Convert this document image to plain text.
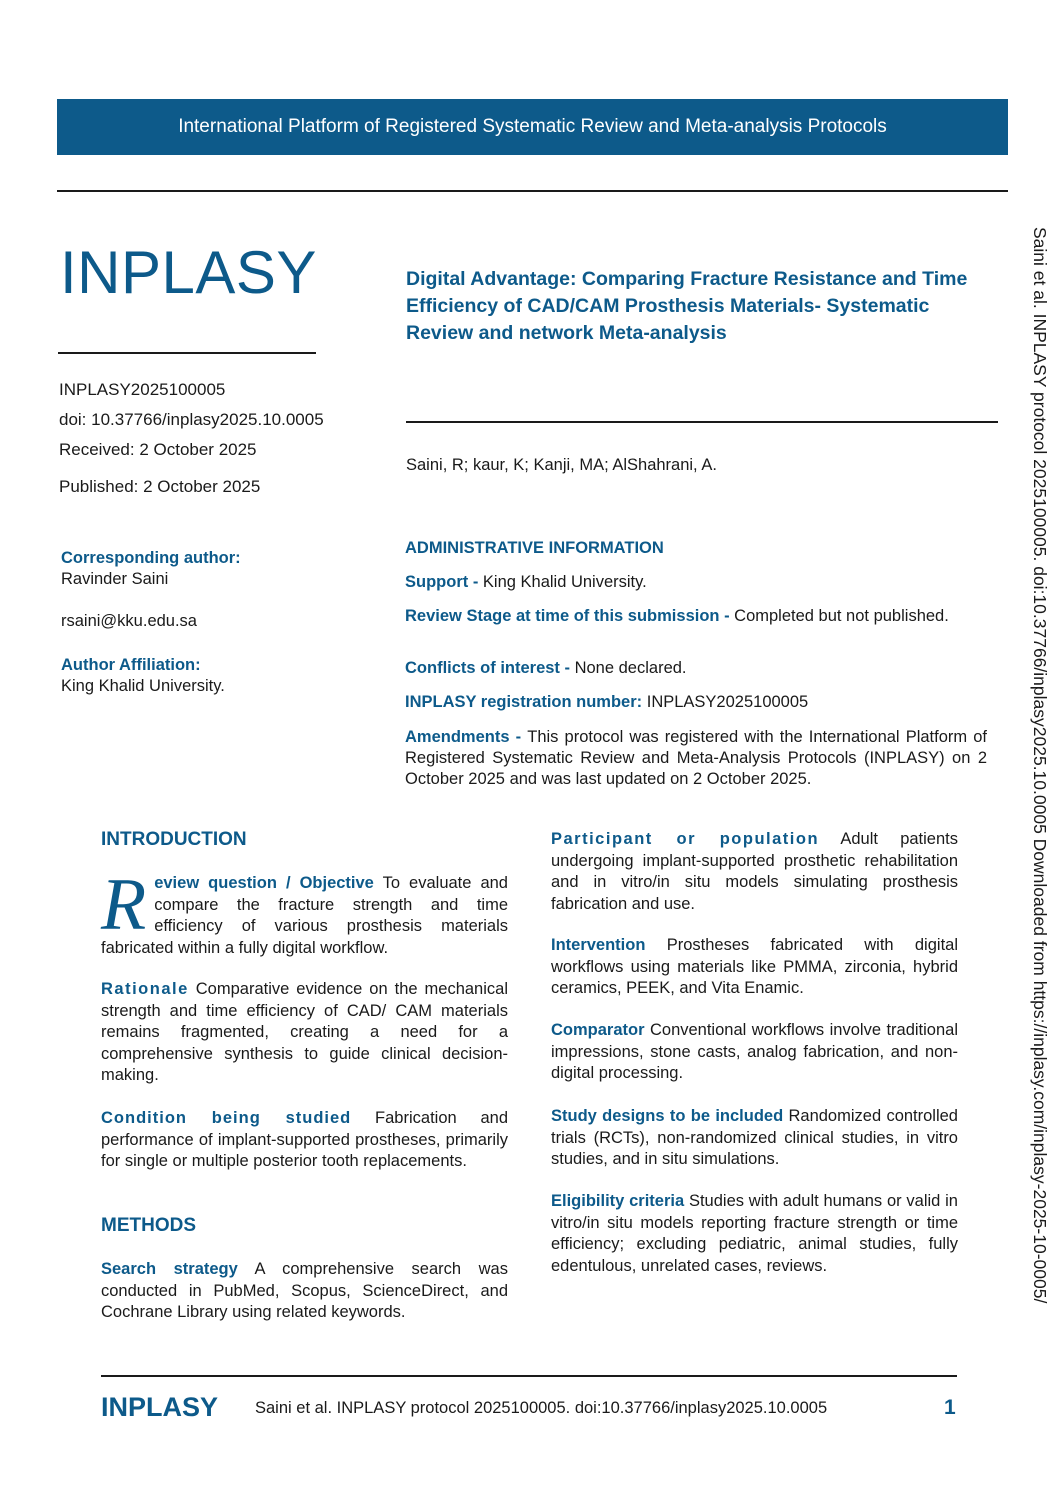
International Platform of Registered Systematic Review and Meta-analysis Protocols
INPLASY	Digital Advantage: Comparing Fracture Resistance and Time Efficiency of CAD/CAM Prosthesis Materials- Systematic Review and network Meta-analysis
Saini, R; kaur, K; Kanji, MA; AlShahrani, A.
INPLASY2025100005
doi: 10.37766/inplasy2025.10.0005
Received: 2 October 2025
Published: 2 October 2025
Corresponding author:
Ravinder Saini
rsaini@kku.edu.sa
Author Affiliation:
King Khalid University.
ADMINISTRATIVE INFORMATION
Support - King Khalid University.
Review Stage at time of this submission - Completed but not published.
Conflicts of interest - None declared.
INPLASY registration number: INPLASY2025100005
Amendments - This protocol was registered with the International Platform of Registered Systematic Review and Meta-Analysis Protocols (INPLASY) on 2 October 2025 and was last updated on 2 October 2025.
INTRODUCTION
Review question / Objective To evaluate and compare the fracture strength and time efficiency of various prosthesis materials fabricated within a fully digital workflow.
Rationale Comparative evidence on the mechanical strength and time efficiency of CAD/ CAM materials remains fragmented, creating a need for a comprehensive synthesis to guide clinical decision-making.
Condition being studied Fabrication and performance of implant-supported prostheses, primarily for single or multiple posterior tooth replacements.
METHODS
Search strategy A comprehensive search was conducted in PubMed, Scopus, ScienceDirect, and Cochrane Library using related keywords.
Participant or population Adult patients undergoing implant-supported prosthetic rehabilitation and in vitro/in situ models simulating prosthesis fabrication and use.
Intervention Prostheses fabricated with digital workflows using materials like PMMA, zirconia, hybrid ceramics, PEEK, and Vita Enamic.
Comparator Conventional workflows involve traditional impressions, stone casts, analog fabrication, and non-digital processing.
Study designs to be included Randomized controlled trials (RCTs), non-randomized clinical studies, in vitro studies, and in situ simulations.
Eligibility criteria Studies with adult humans or valid in vitro/in situ models reporting fracture strength or time efficiency; excluding pediatric, animal studies, fully edentulous, unrelated cases, reviews.	Saini et al. INPLASY protocol 2025100005. doi:10.37766/inplasy2025.10.0005 Downloaded from https://inplasy.com/inplasy-2025-10-0005/
INPLASY Saini et al. INPLASY protocol 2025100005. doi:10.37766/inplasy2025.10.0005	1
